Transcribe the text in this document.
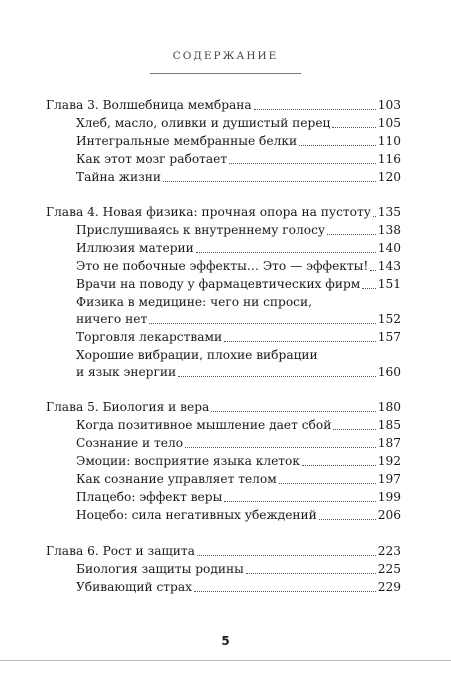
СОДЕРЖАНИЕ
Глава 3. Волшебница мембрана	103
Хлеб, масло, оливки и душистый перец	105
Интегральные мембранные белки	110
Как этот мозг работает	116
Тайна жизни	120
Глава 4. Новая физика: прочная опора на пустоту 135
Прислушиваясь к внутреннему голосу	138
Иллюзия материи	140
Это не побочные эффекты… Это — эффекты! 143
Врачи на поводу у фармацевтических фирм 151
Физика в медицине: чего ни спроси,
ничего нет	152
Торговля лекарствами	157
Хорошие вибрации, плохие вибрации
и язык энергии	160
Глава 5. Биология и вера	180
Когда позитивное мышление дает сбой	185
Сознание и тело	187
Эмоции: восприятие языка клеток	192
Как сознание управляет телом	197
Плацебо: эффект веры	199
Ноцебо: сила негативных убеждений	206
Глава 6. Рост и защита	223
Биология защиты родины	225
Убивающий страх	229
5
